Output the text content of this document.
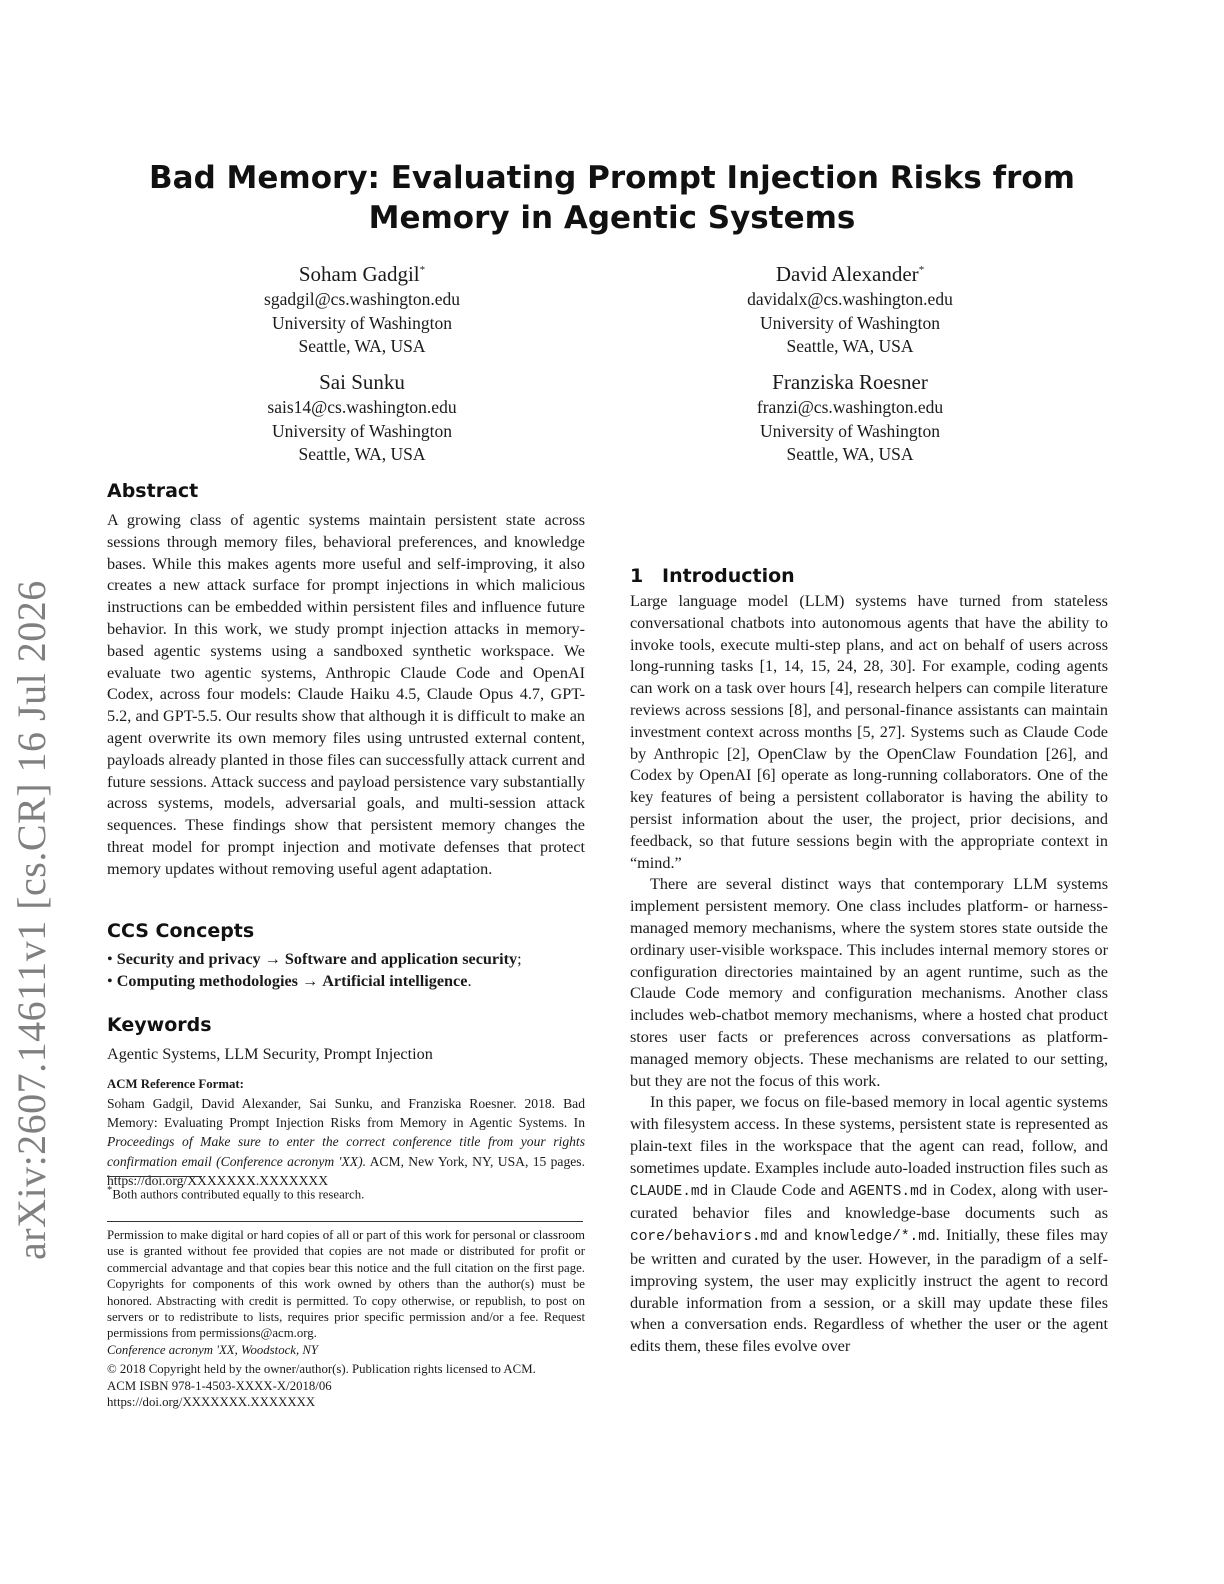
arXiv:2607.14611v1 [cs.CR] 16 Jul 2026
Bad Memory: Evaluating Prompt Injection Risks from Memory in Agentic Systems
Soham Gadgil*
sgadgil@cs.washington.edu
University of Washington
Seattle, WA, USA
David Alexander*
davidalx@cs.washington.edu
University of Washington
Seattle, WA, USA
Sai Sunku
sais14@cs.washington.edu
University of Washington
Seattle, WA, USA
Franziska Roesner
franzi@cs.washington.edu
University of Washington
Seattle, WA, USA
Abstract

A growing class of agentic systems maintain persistent state across sessions through memory files, behavioral preferences, and knowledge bases. While this makes agents more useful and self-improving, it also creates a new attack surface for prompt injections in which malicious instructions can be embedded within persistent files and influence future behavior. In this work, we study prompt injection attacks in memory-based agentic systems using a sandboxed synthetic workspace. We evaluate two agentic systems, Anthropic Claude Code and OpenAI Codex, across four models: Claude Haiku 4.5, Claude Opus 4.7, GPT-5.2, and GPT-5.5. Our results show that although it is difficult to make an agent overwrite its own memory files using untrusted external content, payloads already planted in those files can successfully attack current and future sessions. Attack success and payload persistence vary substantially across systems, models, adversarial goals, and multi-session attack sequences. These findings show that persistent memory changes the threat model for prompt injection and motivate defenses that protect memory updates without removing useful agent adaptation.

CCS Concepts
• Security and privacy → Software and application security;
• Computing methodologies → Artificial intelligence.
Keywords

Agentic Systems, LLM Security, Prompt Injection

ACM Reference Format:

Soham Gadgil, David Alexander, Sai Sunku, and Franziska Roesner. 2018. Bad Memory: Evaluating Prompt Injection Risks from Memory in Agentic Systems. In Proceedings of Make sure to enter the correct conference title from your rights confirmation email (Conference acronym 'XX). ACM, New York, NY, USA, 15 pages. https://doi.org/XXXXXXX.XXXXXXX

*Both authors contributed equally to this research.

Permission to make digital or hard copies of all or part of this work for personal or classroom use is granted without fee provided that copies are not made or distributed for profit or commercial advantage and that copies bear this notice and the full citation on the first page. Copyrights for components of this work owned by others than the author(s) must be honored. Abstracting with credit is permitted. To copy otherwise, or republish, to post on servers or to redistribute to lists, requires prior specific permission and/or a fee. Request permissions from permissions@acm.org.

Conference acronym 'XX, Woodstock, NY

© 2018 Copyright held by the owner/author(s). Publication rights licensed to ACM.

ACM ISBN 978-1-4503-XXXX-X/2018/06

https://doi.org/XXXXXXX.XXXXXXX

1 Introduction

Large language model (LLM) systems have turned from stateless conversational chatbots into autonomous agents that have the ability to invoke tools, execute multi-step plans, and act on behalf of users across long-running tasks [1, 14, 15, 24, 28, 30]. For example, coding agents can work on a task over hours [4], research helpers can compile literature reviews across sessions [8], and personal-finance assistants can maintain investment context across months [5, 27]. Systems such as Claude Code by Anthropic [2], OpenClaw by the OpenClaw Foundation [26], and Codex by OpenAI [6] operate as long-running collaborators. One of the key features of being a persistent collaborator is having the ability to persist information about the user, the project, prior decisions, and feedback, so that future sessions begin with the appropriate context in “mind.”

There are several distinct ways that contemporary LLM systems implement persistent memory. One class includes platform- or harness-managed memory mechanisms, where the system stores state outside the ordinary user-visible workspace. This includes internal memory stores or configuration directories maintained by an agent runtime, such as the Claude Code memory and configuration mechanisms. Another class includes web-chatbot memory mechanisms, where a hosted chat product stores user facts or preferences across conversations as platform-managed memory objects. These mechanisms are related to our setting, but they are not the focus of this work.

In this paper, we focus on file-based memory in local agentic systems with filesystem access. In these systems, persistent state is represented as plain-text files in the workspace that the agent can read, follow, and sometimes update. Examples include auto-loaded instruction files such as CLAUDE.md in Claude Code and AGENTS.md in Codex, along with user-curated behavior files and knowledge-base documents such as core/behaviors.md and knowledge/*.md. Initially, these files may be written and curated by the user. However, in the paradigm of a self-improving system, the user may explicitly instruct the agent to record durable information from a session, or a skill may update these files when a conversation ends. Regardless of whether the user or the agent edits them, these files evolve over
